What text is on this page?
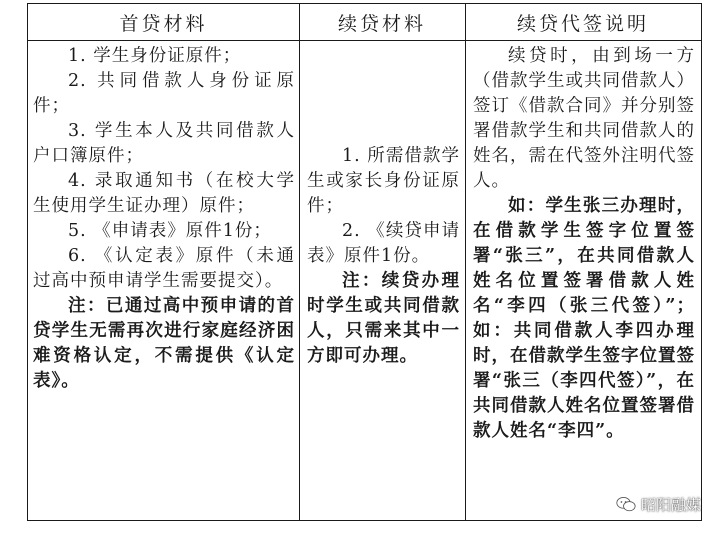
首贷材料	续贷材料	续贷代签说明

1. 学生身份证原件；

2. 共同借款人身份证原件；

3. 学生本人及共同借款人户口簿原件；

4. 录取通知书（在校大学生使用学生证办理）原件；

5. 《申请表》原件1份；

6. 《认定表》原件（未通过高中预申请学生需要提交）。

注：已通过高中预申请的首贷学生无需再次进行家庭经济困难资格认定，不需提供《认定表》。

1. 所需借款学生或家长身份证原件；

2. 《续贷申请表》原件1份。

注：续贷办理时学生或共同借款人，只需来其中一方即可办理。

续贷时，由到场一方（借款学生或共同借款人）签订《借款合同》并分别签署借款学生和共同借款人的姓名，需在代签外注明代签人。

如：学生张三办理时，在借款学生签字位置签署“张三”，在共同借款人姓名位置签署借款人姓名“李四（张三代签）”；如：共同借款人李四办理时，在借款学生签字位置签署“张三（李四代签）”，在共同借款人姓名位置签署借款人姓名“李四”。

昭阳融媒
